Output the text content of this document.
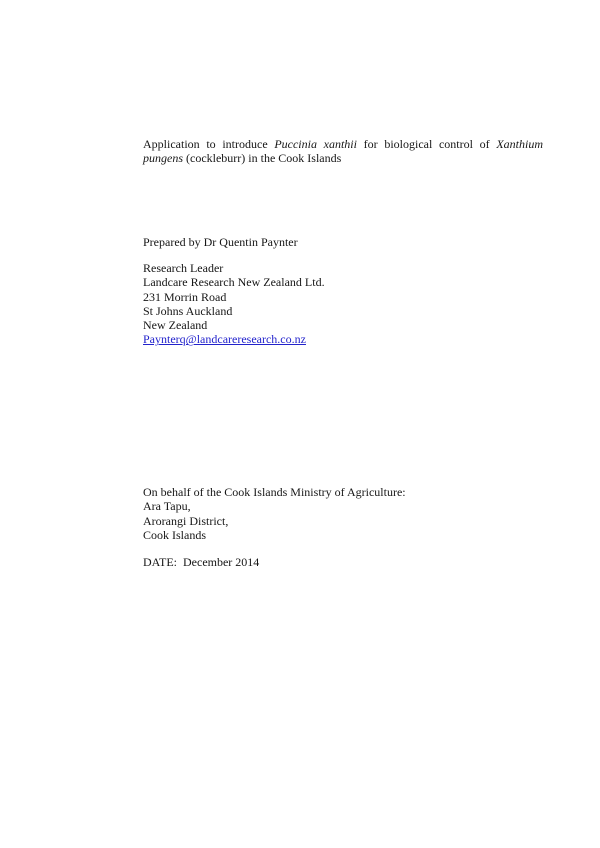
Application to introduce Puccinia xanthii for biological control of Xanthium
pungens (cockleburr) in the Cook Islands
Prepared by Dr Quentin Paynter
Research Leader
Landcare Research New Zealand Ltd.
231 Morrin Road
St Johns Auckland
New Zealand
Paynterq@landcareresearch.co.nz
On behalf of the Cook Islands Ministry of Agriculture:
Ara Tapu,
Arorangi District,
Cook Islands
DATE:  December 2014
